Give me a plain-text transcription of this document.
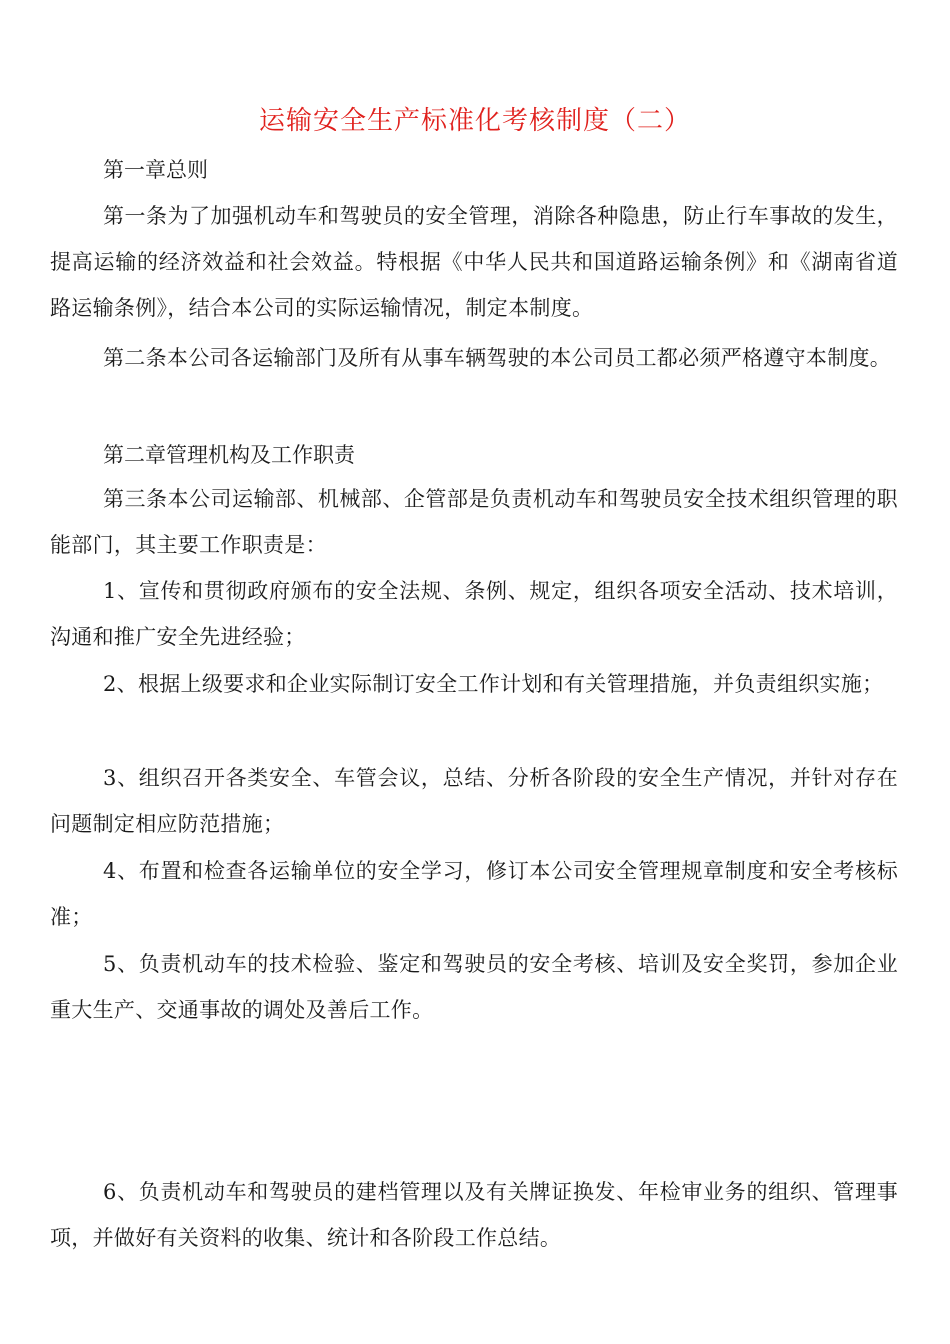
运输安全生产标准化考核制度（二）
第一章总则
第一条为了加强机动车和驾驶员的安全管理，消除各种隐患，防止行车事故的发生，提高运输的经济效益和社会效益。特根据《中华人民共和国道路运输条例》和《湖南省道路运输条例》，结合本公司的实际运输情况，制定本制度。
第二条本公司各运输部门及所有从事车辆驾驶的本公司员工都必须严格遵守本制度。
第二章管理机构及工作职责
第三条本公司运输部、机械部、企管部是负责机动车和驾驶员安全技术组织管理的职能部门，其主要工作职责是：
1、宣传和贯彻政府颁布的安全法规、条例、规定，组织各项安全活动、技术培训，沟通和推广安全先进经验；
2、根据上级要求和企业实际制订安全工作计划和有关管理措施，并负责组织实施；
3、组织召开各类安全、车管会议，总结、分析各阶段的安全生产情况，并针对存在问题制定相应防范措施；
4、布置和检查各运输单位的安全学习，修订本公司安全管理规章制度和安全考核标准；
5、负责机动车的技术检验、鉴定和驾驶员的安全考核、培训及安全奖罚，参加企业重大生产、交通事故的调处及善后工作。
6、负责机动车和驾驶员的建档管理以及有关牌证换发、年检审业务的组织、管理事项，并做好有关资料的收集、统计和各阶段工作总结。
